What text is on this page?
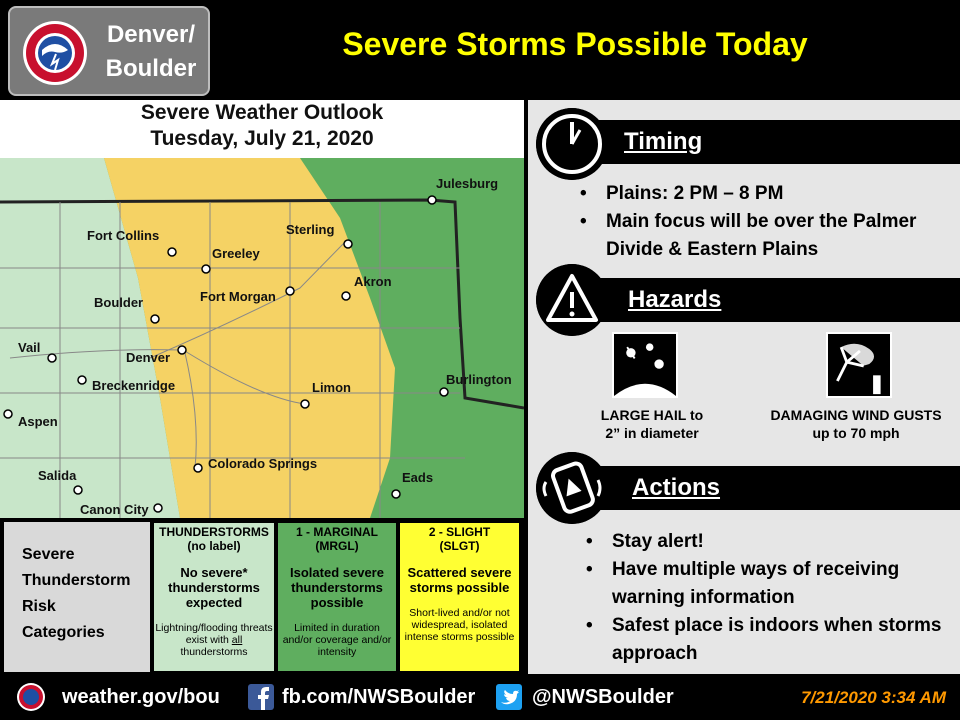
Denver/
Boulder
Severe Storms Possible Today
Severe Weather Outlook
Tuesday, July 21, 2020
Julesburg
Fort Collins	Sterling
Greeley
Akron
Fort Morgan
Boulder
Vail
Denver
Breckenridge	Limon
Burlington
Aspen
Colorado Springs
Salida	Eads
Canon City
Severe
Thunderstorm
Risk
Categories
THUNDERSTORMS
(no label)
No severe* thunderstorms expected
Lightning/flooding threats exist with all thunderstorms
1 - MARGINAL
(MRGL)
Isolated severe thunderstorms possible
Limited in duration and/or coverage and/or intensity
2 - SLIGHT
(SLGT)
Scattered severe storms possible
Short-lived and/or not widespread, isolated intense storms possible
Timing
• Plains: 2 PM – 8 PM
• Main focus will be over the Palmer Divide & Eastern Plains
Hazards
LARGE HAIL to
2” in diameter
DAMAGING WIND GUSTS
up to 70 mph
Actions
• Stay alert!
• Have multiple ways of receiving warning information
• Safest place is indoors when storms approach
weather.gov/bou	fb.com/NWSBoulder	@NWSBoulder	7/21/2020 3:34 AM
